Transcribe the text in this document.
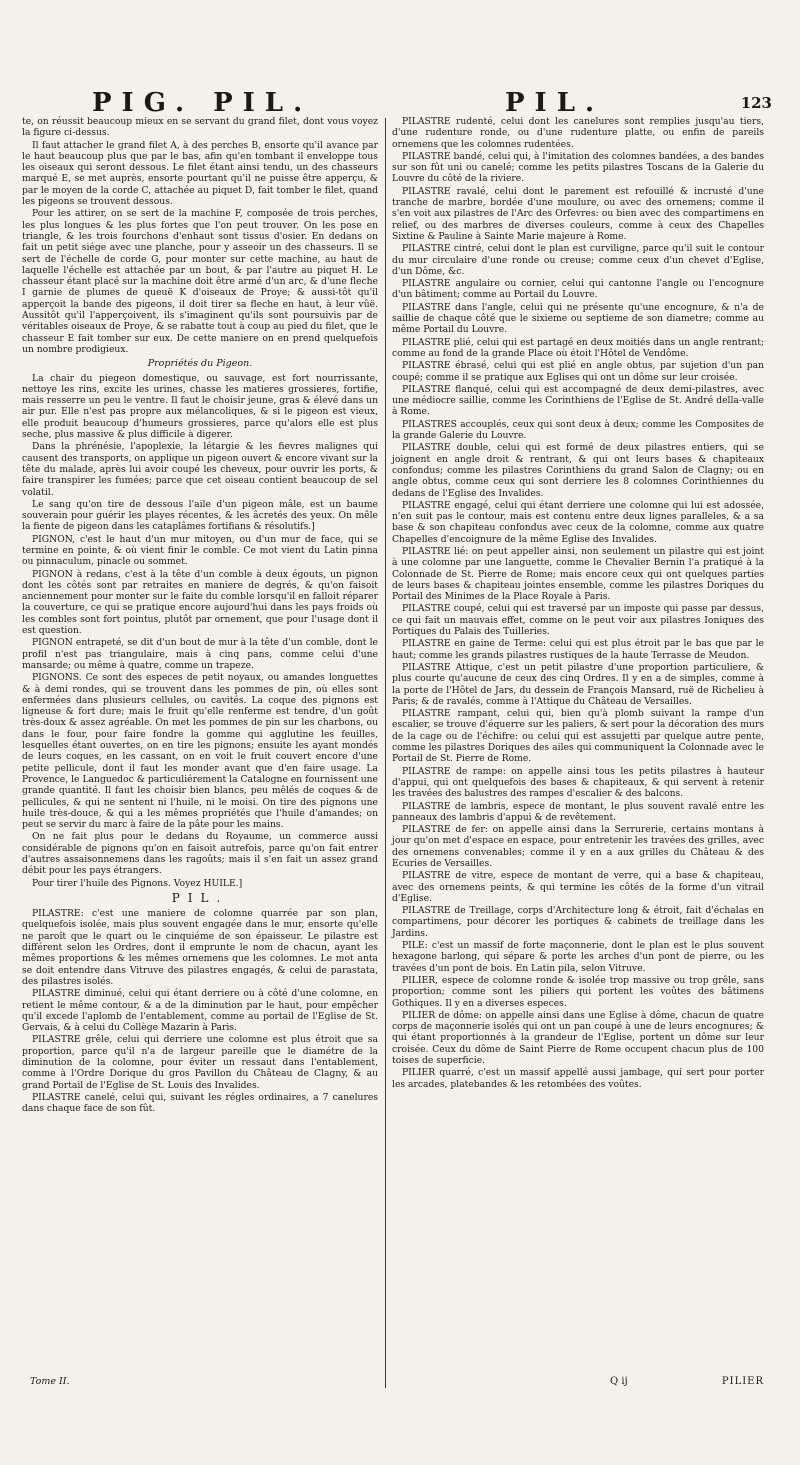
PIG. PIL.	PIL.	123

te, on réussit beaucoup mieux en se servant du grand filet, dont vous voyez la figure ci-dessus.

Il faut attacher le grand filet A, à des perches B, ensorte qu'il avance par le haut beaucoup plus que par le bas, afin qu'en tombant il enveloppe tous les oiseaux qui seront dessous. Le filet étant ainsi tendu, un des chasseurs marqué E, se met auprès, ensorte pourtant qu'il ne puisse être apperçu, & par le moyen de la corde C, attachée au piquet D, fait tomber le filet, quand les pigeons se trouvent dessous.

Pour les attirer, on se sert de la machine F, composée de trois perches, les plus longues & les plus fortes que l'on peut trouver. On les pose en triangle, & les trois fourchons d'enhaut sont tissus d'osier. En dedans on fait un petit siége avec une planche, pour y asseoir un des chasseurs. Il se sert de l'échelle de corde G, pour monter sur cette machine, au haut de laquelle l'échelle est attachée par un bout, & par l'autre au piquet H. Le chasseur étant placé sur la machine doit être armé d'un arc, & d'une fleche I garnie de plumes de queuë K d'oiseaux de Proye; & aussi-tôt qu'il apperçoit la bande des pigeons, il doit tirer sa fleche en haut, à leur vûë. Aussitôt qu'il l'apperçoivent, ils s'imaginent qu'ils sont poursuivis par de véritables oiseaux de Proye, & se rabatte tout à coup au pied du filet, que le chasseur E fait tomber sur eux. De cette maniere on en prend quelquefois un nombre prodigieux.

Propriétés du Pigeon.

La chair du piegeon domestique, ou sauvage, est fort nourrissante, nettoye les rins, excite les urines, chasse les matieres grossieres, fortifie, mais resserre un peu le ventre. Il faut le choisir jeune, gras & élevé dans un air pur. Elle n'est pas propre aux mélancoliques, & si le pigeon est vieux, elle produit beaucoup d'humeurs grossieres, parce qu'alors elle est plus seche, plus massive & plus difficile à digerer.

Dans la phrénésie, l'apoplexie, la létargie & les fievres malignes qui causent des transports, on applique un pigeon ouvert & encore vivant sur la tête du malade, après lui avoir coupé les cheveux, pour ouvrir les ports, & faire transpirer les fumées; parce que cet oiseau contient beaucoup de sel volatil.

Le sang qu'on tire de dessous l'aile d'un pigeon mâle, est un baume souverain pour guérir les playes récentes, & les âcretés des yeux. On mêle la fiente de pigeon dans les cataplâmes fortifians & résolutifs.]

PIGNON, c'est le haut d'un mur mitoyen, ou d'un mur de face, qui se termine en pointe, & où vient finir le comble. Ce mot vient du Latin pinna ou pinnaculum, pinacle ou sommet.

PIGNON à redans, c'est à la tête d'un comble à deux égouts, un pignon dont les côtés sont par retraites en maniere de degrés, & qu'on faisoit anciennement pour monter sur le faite du comble lorsqu'il en falloit réparer la couverture, ce qui se pratique encore aujourd'hui dans les pays froids où les combles sont fort pointus, plutôt par ornement, que pour l'usage dont il est question.

PIGNON entrapeté, se dit d'un bout de mur à la tête d'un comble, dont le profil n'est pas triangulaire, mais à cinq pans, comme celui d'une mansarde; ou même à quatre, comme un trapeze.

PIGNONS. Ce sont des especes de petit noyaux, ou amandes longuettes & à demi rondes, qui se trouvent dans les pommes de pin, où elles sont enfermées dans plusieurs cellules, ou cavités. La coque des pignons est ligneuse & fort dure; mais le fruit qu'elle renferme est tendre, d'un goût très-doux & assez agréable. On met les pommes de pin sur les charbons, ou dans le four, pour faire fondre la gomme qui agglutine les feuilles, lesquelles étant ouvertes, on en tire les pignons; ensuite les ayant mondés de leurs coques, en les cassant, on en voit le fruit couvert encore d'une petite pellicule, dont il faut les monder avant que d'en faire usage. La Provence, le Languedoc & particuliérement la Catalogne en fournissent une grande quantité. Il faut les choisir bien blancs, peu mêlés de coques & de pellicules, & qui ne sentent ni l'huile, ni le moisi. On tire des pignons une huile très-douce, & qui a les mêmes propriétés que l'huile d'amandes; on peut se servir du marc à faire de la pâte pour les mains.

On ne fait plus pour le dedans du Royaume, un commerce aussi considérable de pignons qu'on en faisoit autrefois, parce qu'on fait entrer d'autres assaisonnemens dans les ragoûts; mais il s'en fait un assez grand débit pour les pays étrangers.

Pour tirer l'huile des Pignons. Voyez HUILE.]

PIL.

PILASTRE: c'est une maniere de colomne quarrée par son plan, quelquefois isolée, mais plus souvent engagée dans le mur, ensorte qu'elle ne paroît que le quart ou le cinquiéme de son épaisseur. Le pilastre est différent selon les Ordres, dont il emprunte le nom de chacun, ayant les mêmes proportions & les mêmes ornemens que les colomnes. Le mot anta se doit entendre dans Vitruve des pilastres engagés, & celui de parastata, des pilastres isolés.

PILASTRE diminué, celui qui étant derriere ou à côté d'une colomne, en retient le même contour, & a de la diminution par le haut, pour empêcher qu'il excede l'aplomb de l'entablement, comme au portail de l'Eglise de St. Gervais, & à celui du Collège Mazarin à Paris.

PILASTRE grêle, celui qui derriere une colomne est plus étroit que sa proportion, parce qu'il n'a de largeur pareille que le diamétre de la diminution de la colomne, pour éviter un ressaut dans l'entablement, comme à l'Ordre Dorique du gros Pavillon du Château de Clagny, & au grand Portail de l'Eglise de St. Louis des Invalides.

PILASTRE canelé, celui qui, suivant les régles ordinaires, a 7 canelures dans chaque face de son fût.

PILASTRE rudenté, celui dont les canelures sont remplies jusqu'au tiers, d'une rudenture ronde, ou d'une rudenture platte, ou enfin de pareils ornemens que les colomnes rudentées.

PILASTRE bandé, celui qui, à l'imitation des colomnes bandées, a des bandes sur son fût uni ou canelé; comme les petits pilastres Toscans de la Galerie du Louvre du côté de la riviere.

PILASTRE ravalé, celui dont le parement est refouillé & incrusté d'une tranche de marbre, bordée d'une moulure, ou avec des ornemens; comme il s'en voit aux pilastres de l'Arc des Orfevres: ou bien avec des compartimens en relief, ou des marbres de diverses couleurs, comme à ceux des Chapelles Sixtine & Pauline à Sainte Marie majeure à Rome.

PILASTRE cintré, celui dont le plan est curviligne, parce qu'il suit le contour du mur circulaire d'une ronde ou creuse; comme ceux d'un chevet d'Eglise, d'un Dôme, &c.

PILASTRE angulaire ou cornier, celui qui cantonne l'angle ou l'encognure d'un bâtiment; comme au Portail du Louvre.

PILASTRE dans l'angle, celui qui ne présente qu'une encognure, & n'a de saillie de chaque côté que le sixieme ou septieme de son diametre; comme au même Portail du Louvre.

PILASTRE plié, celui qui est partagé en deux moitiés dans un angle rentrant; comme au fond de la grande Place où étoit l'Hôtel de Vendôme.

PILASTRE ébrasé, celui qui est plié en angle obtus, par sujetion d'un pan coupé; comme il se pratique aux Eglises qui ont un dôme sur leur croisée.

PILASTRE flanqué, celui qui est accompagné de deux demi-pilastres, avec une médiocre saillie, comme les Corinthiens de l'Eglise de St. André della-valle à Rome.

PILASTRES accouplés, ceux qui sont deux à deux; comme les Composites de la grande Galerie du Louvre.

PILASTRE double, celui qui est formé de deux pilastres entiers, qui se joignent en angle droit & rentrant, & qui ont leurs bases & chapiteaux confondus; comme les pilastres Corinthiens du grand Salon de Clagny; ou en angle obtus, comme ceux qui sont derriere les 8 colomnes Corinthiennes du dedans de l'Eglise des Invalides.

PILASTRE engagé, celui qui étant derriere une colomne qui lui est adossée, n'en suit pas le contour, mais est contenu entre deux lignes paralleles, & a sa base & son chapiteau confondus avec ceux de la colomne, comme aux quatre Chapelles d'encoignure de la même Eglise des Invalides.

PILASTRE lié: on peut appeller ainsi, non seulement un pilastre qui est joint à une colomne par une languette, comme le Chevalier Bernin l'a pratiqué à la Colonnade de St. Pierre de Rome; mais encore ceux qui ont quelques parties de leurs bases & chapiteau jointes ensemble, comme les pilastres Doriques du Portail des Minimes de la Place Royale à Paris.

PILASTRE coupé, celui qui est traversé par un imposte qui passe par dessus, ce qui fait un mauvais effet, comme on le peut voir aux pilastres Ioniques des Portiques du Palais des Tuilleries.

PILASTRE en gaine de Terme: celui qui est plus étroit par le bas que par le haut; comme les grands pilastres rustiques de la haute Terrasse de Meudon.

PILASTRE Attique, c'est un petit pilastre d'une proportion particuliere, & plus courte qu'aucune de ceux des cinq Ordres. Il y en a de simples, comme à la porte de l'Hôtel de Jars, du dessein de François Mansard, ruë de Richelieu à Paris; & de ravalés, comme à l'Attique du Château de Versailles.

PILASTRE rampant, celui qui, bien qu'à plomb suivant la rampe d'un escalier, se trouve d'équerre sur les paliers, & sert pour la décoration des murs de la cage ou de l'échifre: ou celui qui est assujetti par quelque autre pente, comme les pilastres Doriques des ailes qui communiquent la Colonnade avec le Portail de St. Pierre de Rome.

PILASTRE de rampe: on appelle ainsi tous les petits pilastres à hauteur d'appui, qui ont quelquefois des bases & chapiteaux, & qui servent à retenir les travées des balustres des rampes d'escalier & des balcons.

PILASTRE de lambris, espece de montant, le plus souvent ravalé entre les panneaux des lambris d'appui & de revêtement.

PILASTRE de fer: on appelle ainsi dans la Serrurerie, certains montans à jour qu'on met d'espace en espace, pour entretenir les travées des grilles, avec des ornemens convenables; comme il y en a aux grilles du Château & des Ecuries de Versailles.

PILASTRE de vitre, espece de montant de verre, qui a base & chapiteau, avec des ornemens peints, & qui termine les côtés de la forme d'un vitrail d'Eglise.

PILASTRE de Treillage, corps d'Architecture long & étroit, fait d'échalas en compartimens, pour décorer les portiques & cabinets de treillage dans les Jardins.

PILE: c'est un massif de forte maçonnerie, dont le plan est le plus souvent hexagone barlong, qui sépare & porte les arches d'un pont de pierre, ou les travées d'un pont de bois. En Latin pila, selon Vitruve.

PILIER, espece de colomne ronde & isolée trop massive ou trop grêle, sans proportion; comme sont les piliers qui portent les voûtes des bâtimens Gothiques. Il y en a diverses especes.

PILIER de dôme: on appelle ainsi dans une Eglise à dôme, chacun de quatre corps de maçonnerie isolés qui ont un pan coupé à une de leurs encognures; & qui étant proportionnés à la grandeur de l'Eglise, portent un dôme sur leur croisée. Ceux du dôme de Saint Pierre de Rome occupent chacun plus de 100 toises de superficie.

PILIER quarré, c'est un massif appellé aussi jambage, qui sert pour porter les arcades, platebandes & les retombées des voûtes.

Tome II.	Q ij	PILIER
